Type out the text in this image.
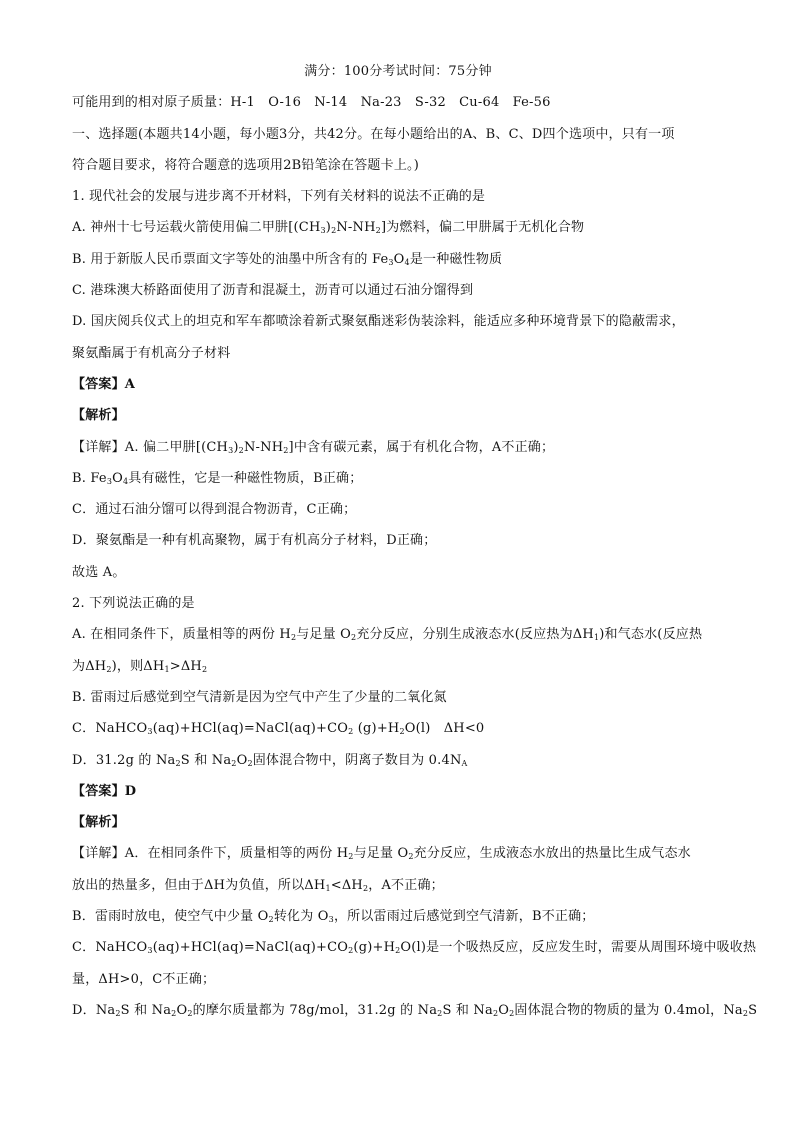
满分：100分考试时间：75分钟
可能用到的相对原子质量：H-1　O-16　N-14　Na-23　S-32　Cu-64　Fe-56
一、选择题(本题共14小题，每小题3分，共42分。在每小题给出的A、B、C、D四个选项中，只有一项
符合题目要求，将符合题意的选项用2B铅笔涂在答题卡上。)
1. 现代社会的发展与进步离不开材料，下列有关材料的说法不正确的是
A. 神州十七号运载火箭使用偏二甲肼$[(CH_3)_2N-NH_2]$为燃料，偏二甲肼属于无机化合物
B. 用于新版人民币票面文字等处的油墨中所含有的 $Fe_3O_4$是一种磁性物质
C. 港珠澳大桥路面使用了沥青和混凝土，沥青可以通过石油分馏得到
D. 国庆阅兵仪式上的坦克和军车都喷涂着新式聚氨酯迷彩伪装涂料，能适应多种环境背景下的隐蔽需求，
聚氨酯属于有机高分子材料
【答案】A
【解析】
【详解】A. 偏二甲肼$[(CH_3)_2N-NH_2]$中含有碳元素，属于有机化合物，A不正确；
B. $Fe_3O_4$具有磁性，它是一种磁性物质，B正确；
C．通过石油分馏可以得到混合物沥青，C正确；
D．聚氨酯是一种有机高聚物，属于有机高分子材料，D正确；
故选 A。
2. 下列说法正确的是
A. 在相同条件下，质量相等的两份 $H_2$与足量 $O_2$充分反应，分别生成液态水(反应热为$\Delta H_1$)和气态水(反应热
为$\Delta H_2$)，则$\Delta H_1>\Delta H_2$
B. 雷雨过后感觉到空气清新是因为空气中产生了少量的二氧化氮
C．$NaHCO_3(aq)+HCl(aq)=NaCl(aq)+CO_2$ $(g)+H_2O(l)$　ΔH<0
D．31.2g 的 $Na_2S$ 和 $Na_2O_2$固体混合物中，阴离子数目为 $0.4N_A$
【答案】D
【解析】
【详解】A．在相同条件下，质量相等的两份 $H_2$与足量 $O_2$充分反应，生成液态水放出的热量比生成气态水
放出的热量多，但由于ΔH为负值，所以$\Delta H_1<\Delta H_2$，A不正确；
B．雷雨时放电，使空气中少量 $O_2$转化为 $O_3$，所以雷雨过后感觉到空气清新，B不正确；
C．$NaHCO_3(aq)+HCl(aq)=NaCl(aq)+CO_2(g)+H_2O(l)$是一个吸热反应，反应发生时，需要从周围环境中吸收热
量，ΔH>0，C不正确；
D．$Na_2S$ 和 $Na_2O_2$的摩尔质量都为 78g/mol，31.2g 的 $Na_2S$ 和 $Na_2O_2$固体混合物的物质的量为 0.4mol，$Na_2S$
